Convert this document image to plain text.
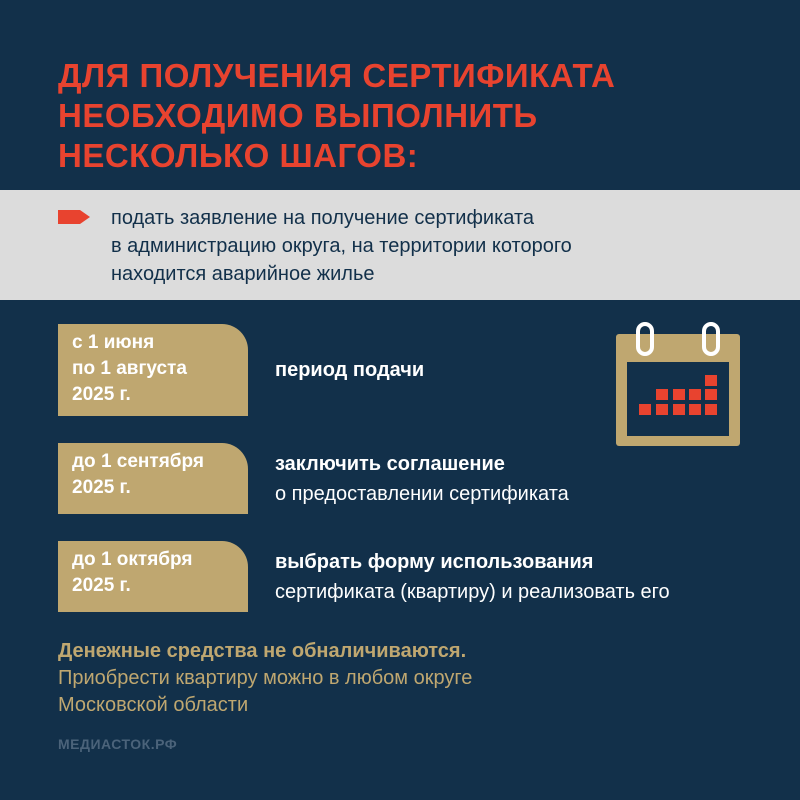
ДЛЯ ПОЛУЧЕНИЯ СЕРТИФИКАТА
НЕОБХОДИМО ВЫПОЛНИТЬ
НЕСКОЛЬКО ШАГОВ:
подать заявление на получение сертификата
в администрацию округа, на территории которого
находится аварийное жилье
с 1 июня
по 1 августа
2025 г.
период подачи
до 1 сентября
2025 г.
заключить соглашение
о предоставлении сертификата
до 1 октября
2025 г.
выбрать форму использования
сертификата (квартиру) и реализовать его
Денежные средства не обналичиваются.
Приобрести квартиру можно в любом округе
Московской области
МЕДИАСТОК.РФ
